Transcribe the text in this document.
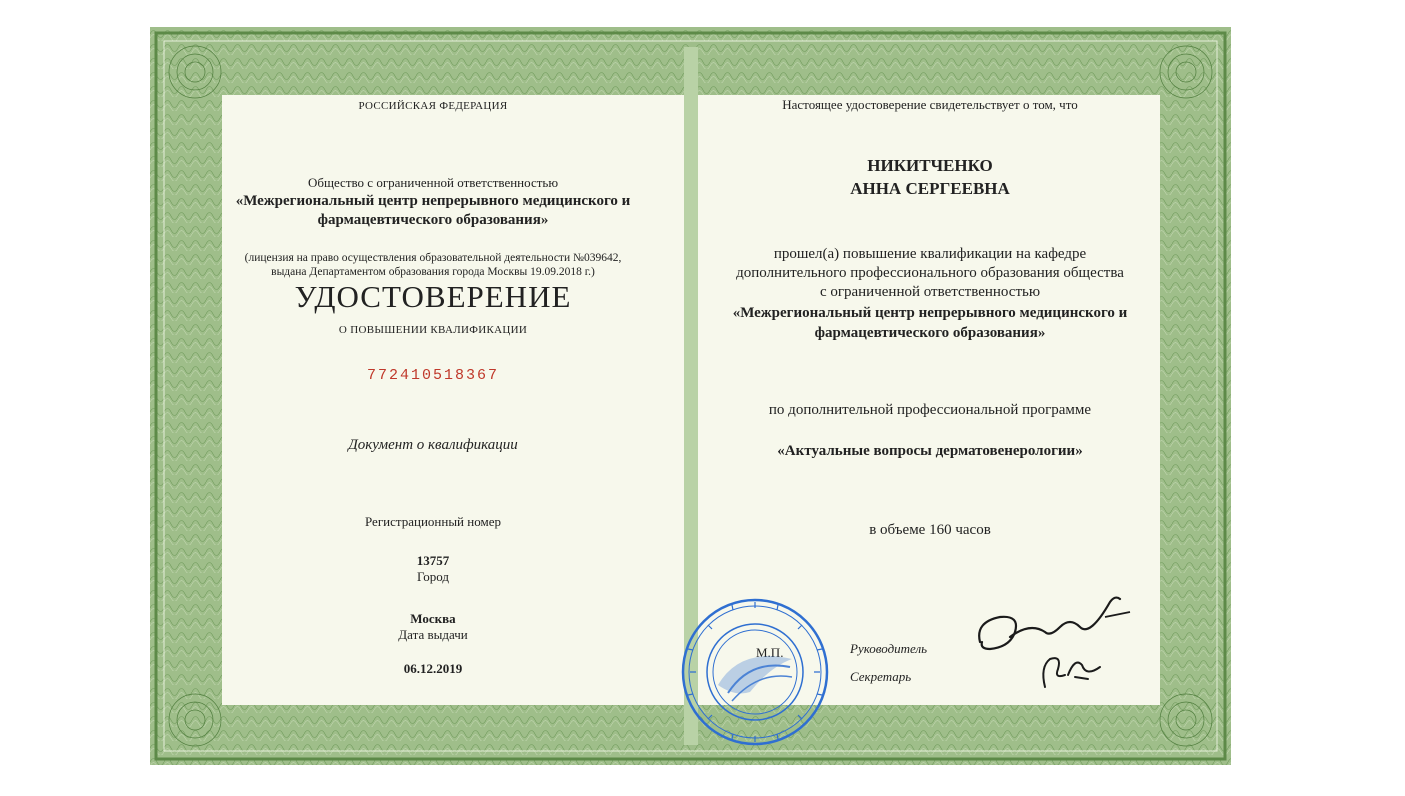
РОССИЙСКАЯ ФЕДЕРАЦИЯ
Общество с ограниченной ответственностью
«Межрегиональный центр непрерывного медицинского и
фармацевтического образования»
(лицензия на право осуществления образовательной деятельности №039642,
выдана Департаментом образования города Москвы 19.09.2018 г.)
УДОСТОВЕРЕНИЕ
О ПОВЫШЕНИИ КВАЛИФИКАЦИИ
772410518367
Документ о квалификации
Регистрационный номер
13757
Город
Москва
Дата выдачи
06.12.2019
Настоящее удостоверение свидетельствует о том, что
НИКИТЧЕНКО
АННА СЕРГЕЕВНА
прошел(а) повышение квалификации на кафедре
дополнительного профессионального образования общества
с ограниченной ответственностью
«Межрегиональный центр непрерывного медицинского и
фармацевтического образования»
по дополнительной профессиональной программе
«Актуальные вопросы дерматовенерологии»
в объеме 160 часов
М.П.	Руководитель
Секретарь
